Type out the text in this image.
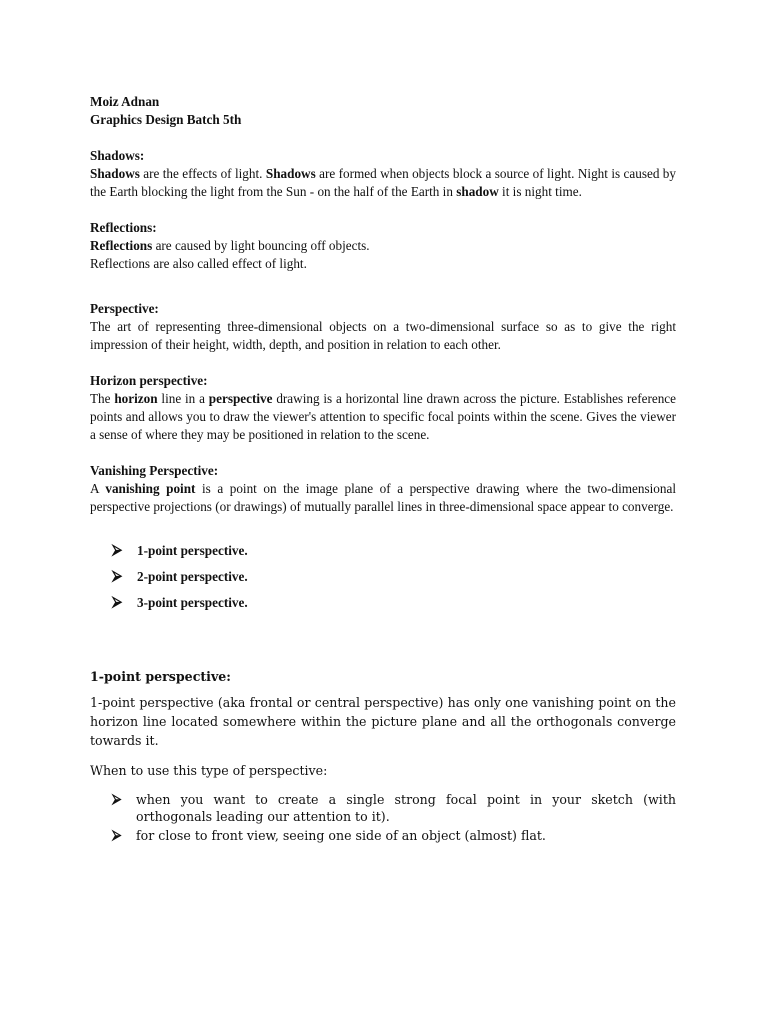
Moiz Adnan

Graphics Design Batch 5th

Shadows:

Shadows are the effects of light. Shadows are formed when objects block a source of light. Night is caused by the Earth blocking the light from the Sun - on the half of the Earth in shadow it is night time.

Reflections:

Reflections are caused by light bouncing off objects.

Reflections are also called effect of light.

Perspective:

The art of representing three-dimensional objects on a two-dimensional surface so as to give the right impression of their height, width, depth, and position in relation to each other.

Horizon perspective:

The horizon line in a perspective drawing is a horizontal line drawn across the picture. Establishes reference points and allows you to draw the viewer's attention to specific focal points within the scene. Gives the viewer a sense of where they may be positioned in relation to the scene.

Vanishing Perspective:

A vanishing point is a point on the image plane of a perspective drawing where the two-dimensional perspective projections (or drawings) of mutually parallel lines in three-dimensional space appear to converge.

⮚ 1-point perspective.
⮚ 2-point perspective.
⮚ 3-point perspective.

1-point perspective:

1-point perspective (aka frontal or central perspective) has only one vanishing point on the horizon line located somewhere within the picture plane and all the orthogonals converge towards it.

When to use this type of perspective:

⮚ when you want to create a single strong focal point in your sketch (with orthogonals leading our attention to it).
⮚ for close to front view, seeing one side of an object (almost) flat.
